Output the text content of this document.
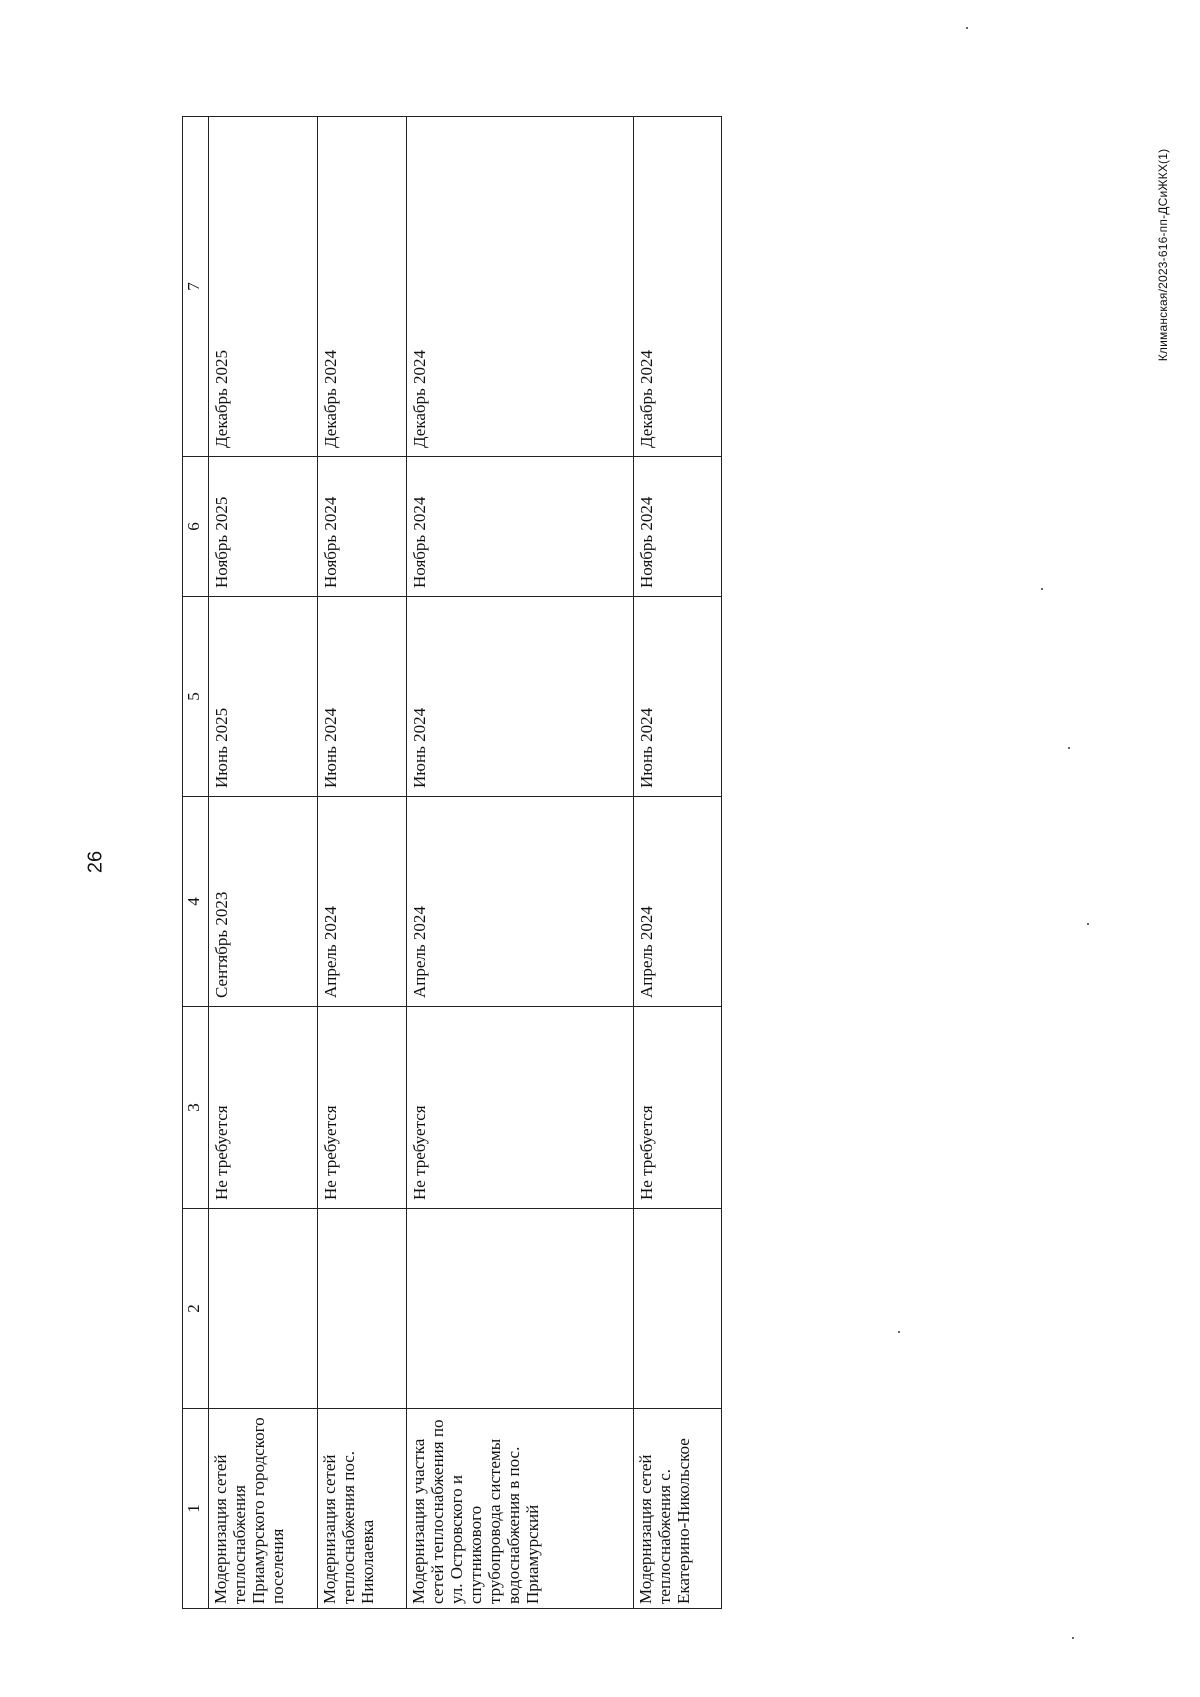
26
Климанская/2023-616-пп-ДСиЖКХ(1)
1	2	3	4	5	6	7
Модернизация сетей теплоснабжения Приамурского городского поселения		Не требуется	Сентябрь 2023	Июнь 2025	Ноябрь 2025	Декабрь 2025
Модернизация сетей теплоснабжения пос. Николаевка		Не требуется	Апрель 2024	Июнь 2024	Ноябрь 2024	Декабрь 2024
Модернизация участка сетей теплоснабжения по ул. Островского и спутникового трубопровода системы водоснабжения в пос. Приамурский		Не требуется	Апрель 2024	Июнь 2024	Ноябрь 2024	Декабрь 2024
Модернизация сетей теплоснабжения с. Екатерино-Никольское		Не требуется	Апрель 2024	Июнь 2024	Ноябрь 2024	Декабрь 2024
